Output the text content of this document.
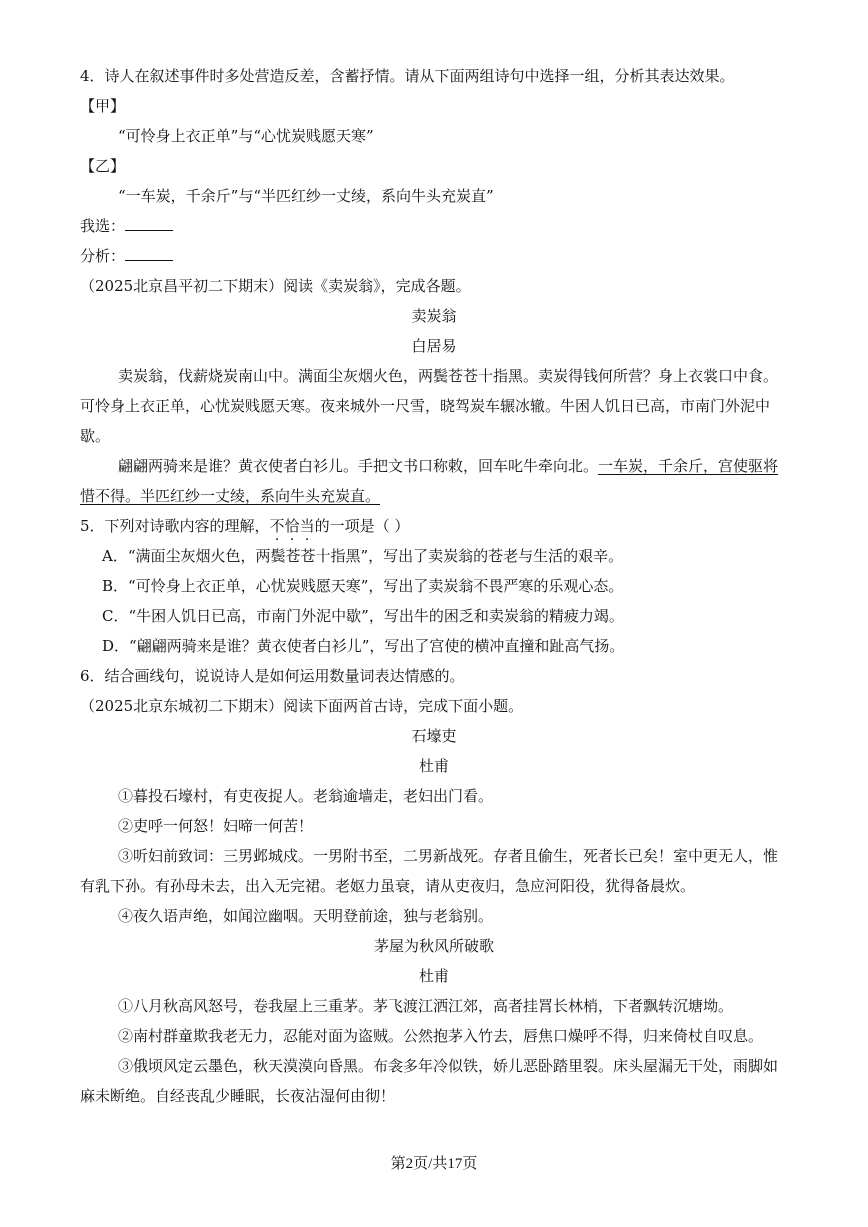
4．诗人在叙述事件时多处营造反差，含蓄抒情。请从下面两组诗句中选择一组，分析其表达效果。
【甲】
“可怜身上衣正单”与“心忧炭贱愿天寒”
【乙】
“一车炭，千余斤”与“半匹红纱一丈绫，系向牛头充炭直”
我选：
分析：
（2025北京昌平初二下期末）阅读《卖炭翁》，完成各题。
卖炭翁
白居易
卖炭翁，伐薪烧炭南山中。满面尘灰烟火色，两鬓苍苍十指黑。卖炭得钱何所营？身上衣裳口中食。
可怜身上衣正单，心忧炭贱愿天寒。夜来城外一尺雪，晓驾炭车辗冰辙。牛困人饥日已高，市南门外泥中
歇。
翩翩两骑来是谁？黄衣使者白衫儿。手把文书口称敕，回车叱牛牵向北。一车炭，千余斤，宫使驱将
惜不得。半匹红纱一丈绫，系向牛头充炭直。
5．下列对诗歌内容的理解，不恰当的一项是（ ）
A．“满面尘灰烟火色，两鬓苍苍十指黑”，写出了卖炭翁的苍老与生活的艰辛。
B．“可怜身上衣正单，心忧炭贱愿天寒”，写出了卖炭翁不畏严寒的乐观心态。
C．“牛困人饥日已高，市南门外泥中歇”，写出牛的困乏和卖炭翁的精疲力竭。
D．“翩翩两骑来是谁？黄衣使者白衫儿”，写出了宫使的横冲直撞和趾高气扬。
6．结合画线句，说说诗人是如何运用数量词表达情感的。
（2025北京东城初二下期末）阅读下面两首古诗，完成下面小题。
石壕吏
杜甫
①暮投石壕村，有吏夜捉人。老翁逾墙走，老妇出门看。
②吏呼一何怒！妇啼一何苦！
③听妇前致词：三男邺城戍。一男附书至，二男新战死。存者且偷生，死者长已矣！室中更无人，惟
有乳下孙。有孙母未去，出入无完裙。老妪力虽衰，请从吏夜归，急应河阳役，犹得备晨炊。
④夜久语声绝，如闻泣幽咽。天明登前途，独与老翁别。
茅屋为秋风所破歌
杜甫
①八月秋高风怒号，卷我屋上三重茅。茅飞渡江洒江郊，高者挂罥长林梢，下者飘转沉塘坳。
②南村群童欺我老无力，忍能对面为盗贼。公然抱茅入竹去，唇焦口燥呼不得，归来倚杖自叹息。
③俄顷风定云墨色，秋天漠漠向昏黑。布衾多年冷似铁，娇儿恶卧踏里裂。床头屋漏无干处，雨脚如
麻未断绝。自经丧乱少睡眠，长夜沾湿何由彻！
第2页/共17页
